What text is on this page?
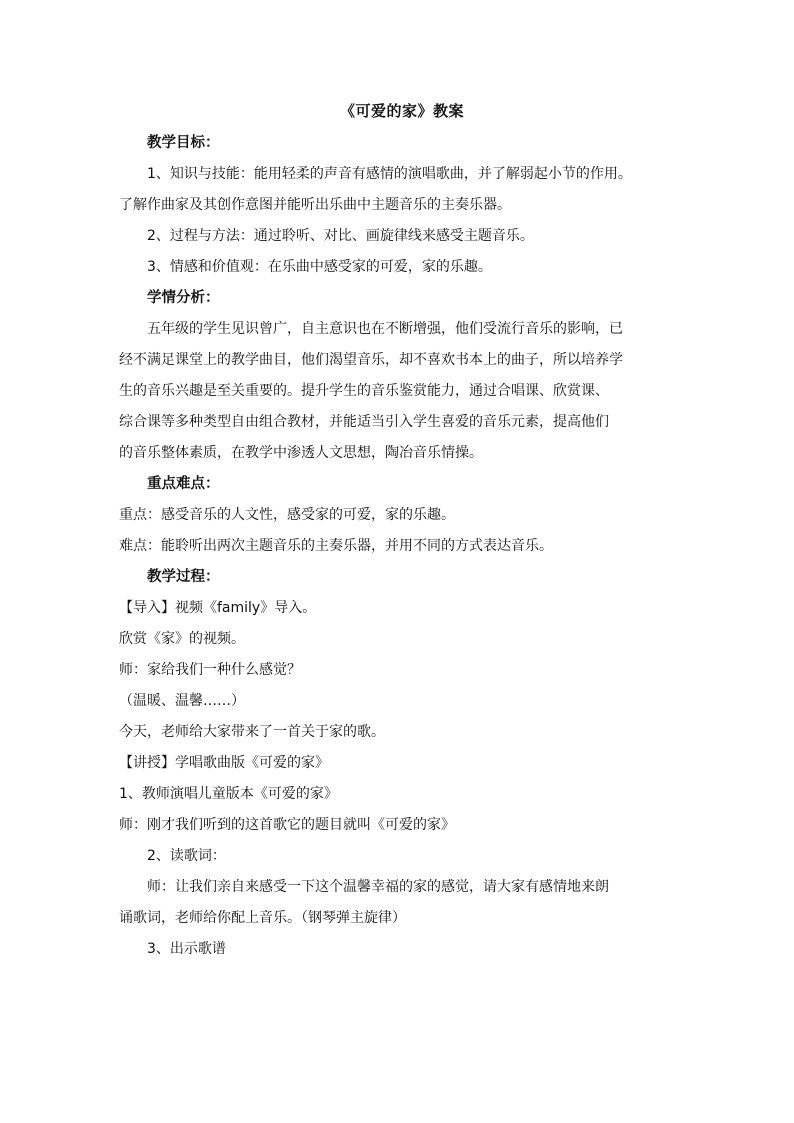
《可爱的家》教案

教学目标：

1、知识与技能：能用轻柔的声音有感情的演唱歌曲，并了解弱起小节的作用。

了解作曲家及其创作意图并能听出乐曲中主题音乐的主奏乐器。

2、过程与方法：通过聆听、对比、画旋律线来感受主题音乐。

3、情感和价值观：在乐曲中感受家的可爱，家的乐趣。

学情分析：

五年级的学生见识曾广，自主意识也在不断增强，他们受流行音乐的影响，已

经不满足课堂上的教学曲目，他们渴望音乐，却不喜欢书本上的曲子，所以培养学

生的音乐兴趣是至关重要的。提升学生的音乐鉴赏能力，通过合唱课、欣赏课、

综合课等多种类型自由组合教材，并能适当引入学生喜爱的音乐元素，提高他们

的音乐整体素质，在教学中渗透人文思想，陶冶音乐情操。

重点难点：

重点：感受音乐的人文性，感受家的可爱，家的乐趣。

难点：能聆听出两次主题音乐的主奏乐器，并用不同的方式表达音乐。

教学过程：

【导入】视频《family》导入。

欣赏《家》的视频。

师：家给我们一种什么感觉？

（温暖、温馨……）

今天，老师给大家带来了一首关于家的歌。

【讲授】学唱歌曲版《可爱的家》

1、教师演唱儿童版本《可爱的家》

师：刚才我们听到的这首歌它的题目就叫《可爱的家》

2、读歌词：

师：让我们亲自来感受一下这个温馨幸福的家的感觉，请大家有感情地来朗

诵歌词，老师给你配上音乐。（钢琴弹主旋律）

3、出示歌谱
